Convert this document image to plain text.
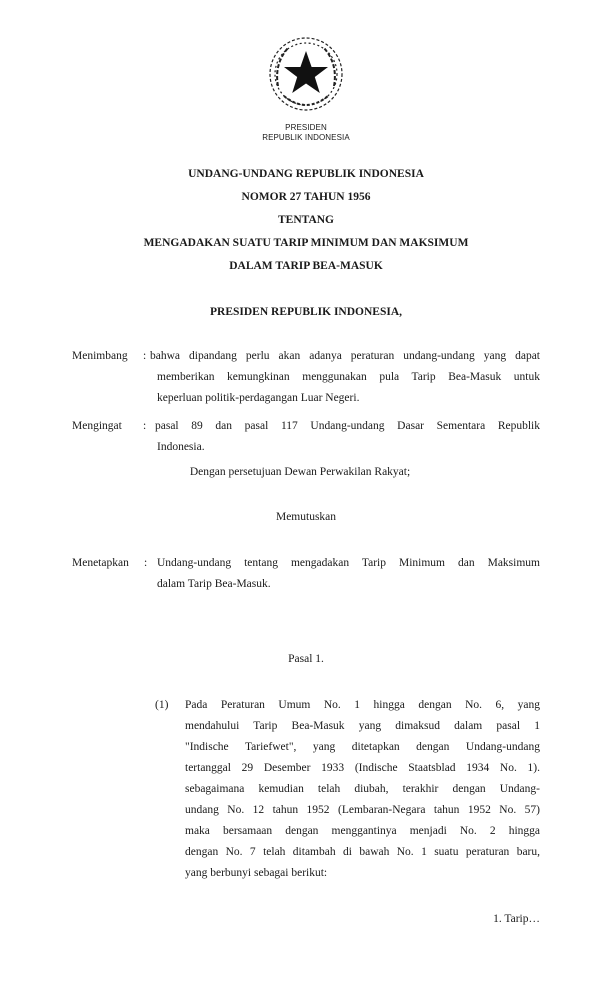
PRESIDEN
REPUBLIK INDONESIA
UNDANG-UNDANG REPUBLIK INDONESIA
NOMOR 27 TAHUN 1956
TENTANG
MENGADAKAN SUATU TARIP MINIMUM DAN MAKSIMUM
DALAM TARIP BEA-MASUK
PRESIDEN REPUBLIK INDONESIA,
Menimbang : bahwa dipandang perlu akan adanya peraturan undang-undang yang dapat
memberikan kemungkinan menggunakan pula Tarip Bea-Masuk untuk
keperluan politik-perdagangan Luar Negeri.
Mengingat : pasal 89 dan pasal 117 Undang-undang Dasar Sementara Republik
Indonesia.
Dengan persetujuan Dewan Perwakilan Rakyat;
Memutuskan
Menetapkan : Undang-undang tentang mengadakan Tarip Minimum dan Maksimum
dalam Tarip Bea-Masuk.
Pasal 1.
(1) Pada Peraturan Umum No. 1 hingga dengan No. 6, yang
mendahului Tarip Bea-Masuk yang dimaksud dalam pasal 1
"Indische Tariefwet", yang ditetapkan dengan Undang-undang
tertanggal 29 Desember 1933 (Indische Staatsblad 1934 No. 1).
sebagaimana kemudian telah diubah, terakhir dengan Undang-
undang No. 12 tahun 1952 (Lembaran-Negara tahun 1952 No. 57)
maka bersamaan dengan menggantinya menjadi No. 2 hingga
dengan No. 7 telah ditambah di bawah No. 1 suatu peraturan baru,
yang berbunyi sebagai berikut:
1. Tarip…
